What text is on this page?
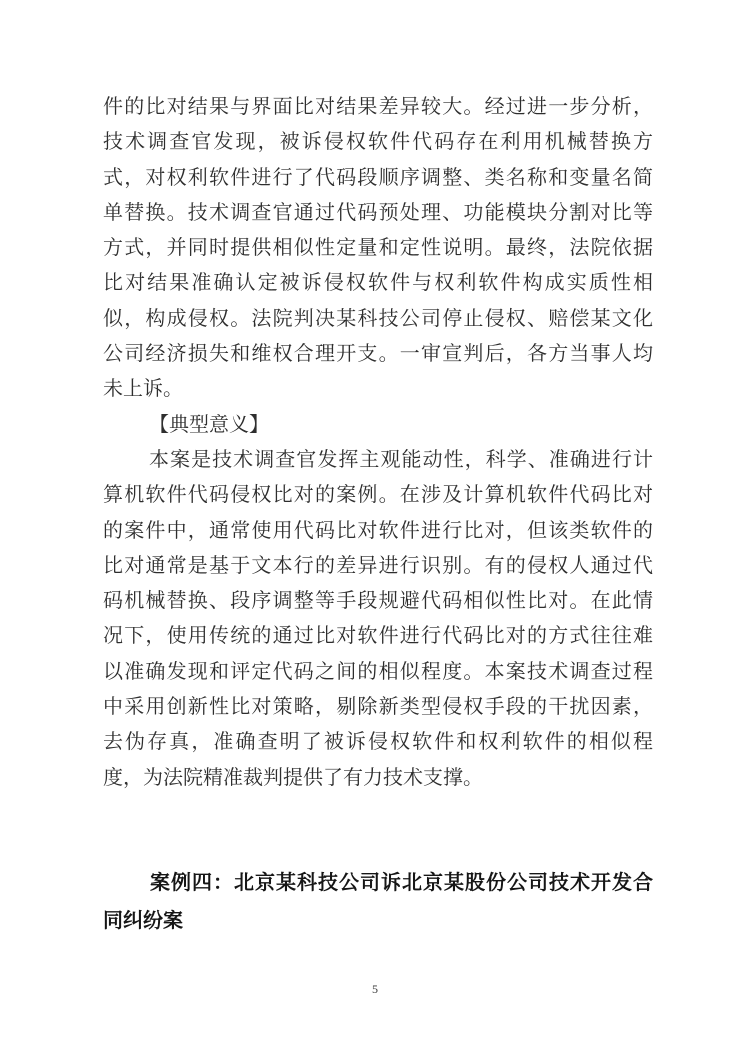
件的比对结果与界面比对结果差异较大。经过进一步分析，
技术调查官发现，被诉侵权软件代码存在利用机械替换方
式，对权利软件进行了代码段顺序调整、类名称和变量名简
单替换。技术调查官通过代码预处理、功能模块分割对比等
方式，并同时提供相似性定量和定性说明。最终，法院依据
比对结果准确认定被诉侵权软件与权利软件构成实质性相
似，构成侵权。法院判决某科技公司停止侵权、赔偿某文化
公司经济损失和维权合理开支。一审宣判后，各方当事人均
未上诉。
【典型意义】
本案是技术调查官发挥主观能动性，科学、准确进行计
算机软件代码侵权比对的案例。在涉及计算机软件代码比对
的案件中，通常使用代码比对软件进行比对，但该类软件的
比对通常是基于文本行的差异进行识别。有的侵权人通过代
码机械替换、段序调整等手段规避代码相似性比对。在此情
况下，使用传统的通过比对软件进行代码比对的方式往往难
以准确发现和评定代码之间的相似程度。本案技术调查过程
中采用创新性比对策略，剔除新类型侵权手段的干扰因素，
去伪存真，准确查明了被诉侵权软件和权利软件的相似程
度，为法院精准裁判提供了有力技术支撑。
案例四：北京某科技公司诉北京某股份公司技术开发合
同纠纷案
5
